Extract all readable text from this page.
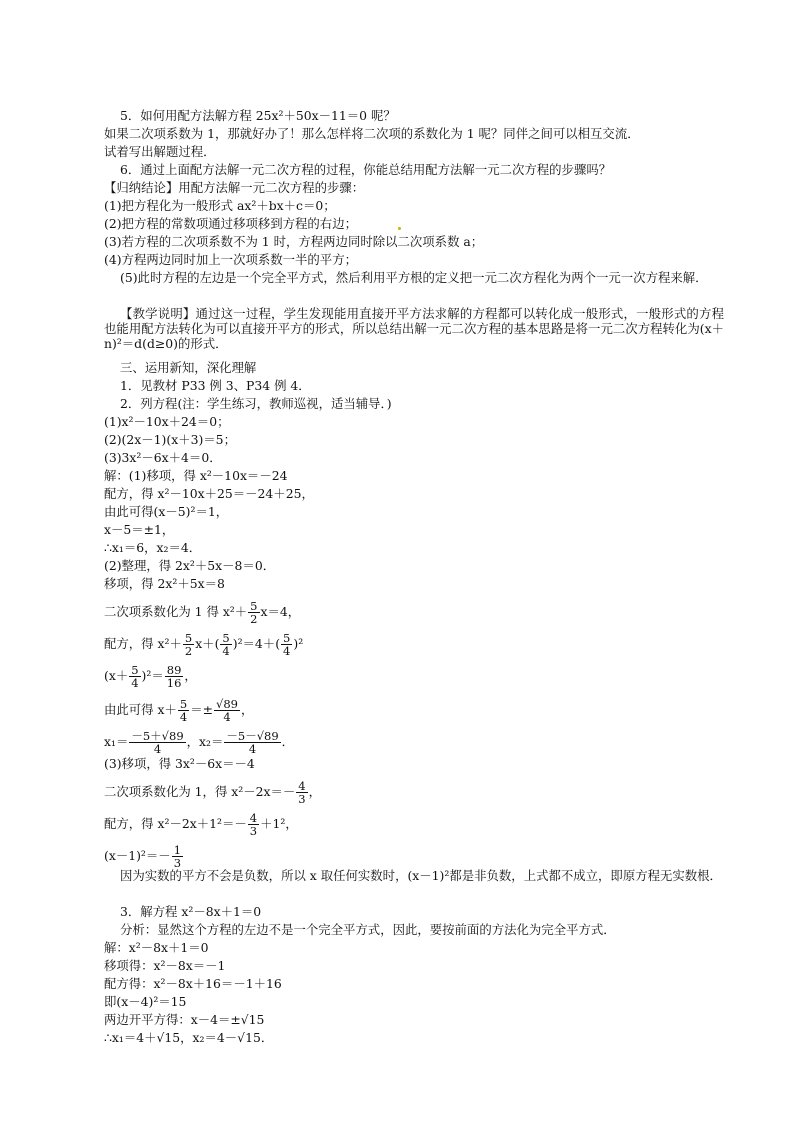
5．如何用配方法解方程 25x²＋50x－11＝0 呢？
如果二次项系数为 1，那就好办了！那么怎样将二次项的系数化为 1 呢？同伴之间可以相互交流．
试着写出解题过程．
6．通过上面配方法解一元二次方程的过程，你能总结用配方法解一元二次方程的步骤吗？
【归纳结论】用配方法解一元二次方程的步骤：
(1)把方程化为一般形式 ax²＋bx＋c＝0；
(2)把方程的常数项通过移项移到方程的右边；
(3)若方程的二次项系数不为 1 时，方程两边同时除以二次项系数 a；
(4)方程两边同时加上一次项系数一半的平方；
(5)此时方程的左边是一个完全平方式，然后利用平方根的定义把一元二次方程化为两个一元一次方程来解．
【教学说明】通过这一过程，学生发现能用直接开平方法求解的方程都可以转化成一般形式，一般形式的方程也能用配方法转化为可以直接开平方的形式，所以总结出解一元二次方程的基本思路是将一元二次方程转化为(x＋n)²＝d(d≥0)的形式．
三、运用新知，深化理解
1．见教材 P33 例 3、P34 例 4．
2．列方程(注：学生练习，教师巡视，适当辅导．)
(1)x²－10x＋24＝0；
(2)(2x－1)(x＋3)＝5；
(3)3x²－6x＋4＝0．
解：(1)移项，得 x²－10x＝－24
配方，得 x²－10x＋25＝－24＋25，
由此可得(x－5)²＝1，
x－5＝±1，
∴x₁＝6，x₂＝4．
(2)整理，得 2x²＋5x－8＝0．
移项，得 2x²＋5x＝8
二次项系数化为 1 得 $x^2+ \frac{5}{2} x=4$，
配方，得 $x^2+ \frac{5}{2} x+( \frac{5}{4} )^2=4+( \frac{5}{4} )^2$
$(x+ \frac{5}{4} )^2= \frac{89}{16}$ ，
由此可得 $x+ \frac{5}{4} =\pm \frac{√89}{4}$ ，
$x_1= \frac{-5+√89}{4}$ ，$x_2= \frac{-5-√89}{4}$ ．
(3)移项，得 3x²－6x＝－4
二次项系数化为 1，得 $x^2-2x=- \frac{4}{3}$ ，
配方，得 $x^2-2x+1^2=- \frac{4}{3} +1^2$，
$(x-1)^2=- \frac{1}{3}$
因为实数的平方不会是负数，所以 x 取任何实数时，(x－1)²都是非负数，上式都不成立，即原方程无实数根．
3．解方程 x²－8x＋1＝0
分析：显然这个方程的左边不是一个完全平方式，因此，要按前面的方法化为完全平方式．
解：x²－8x＋1＝0
移项得：x²－8x＝－1
配方得：x²－8x＋16＝－1＋16
即(x－4)²＝15
两边开平方得：x－4＝±√15
∴x₁＝4＋√15，x₂＝4－√15．
